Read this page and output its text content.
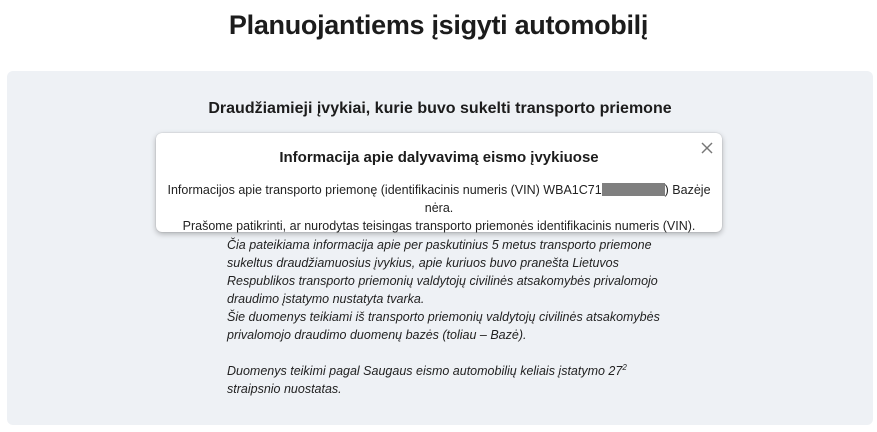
Planuojantiems įsigyti automobilį
Draudžiamieji įvykiai, kurie buvo sukelti transporto priemone

Čia pateikiama informacija apie per paskutinius 5 metus transporto priemone sukeltus draudžiamuosius įvykius, apie kuriuos buvo pranešta Lietuvos Respublikos transporto priemonių valdytojų civilinės atsakomybės privalomojo draudimo įstatymo nustatyta tvarka.

Šie duomenys teikiami iš transporto priemonių valdytojų civilinės atsakomybės privalomojo draudimo duomenų bazės (toliau – Bazė).

Duomenys teikimi pagal Saugaus eismo automobilių keliais įstatymo $27^2$ straipsnio nuostatas.

Informacija apie dalyvavimą eismo įvykiuose

Informacijos apie transporto priemonę (identifikacinis numeris (VIN) WBA1C71	) Bazėje nėra.

Prašome patikrinti, ar nurodytas teisingas transporto priemonės identifikacinis numeris (VIN).
